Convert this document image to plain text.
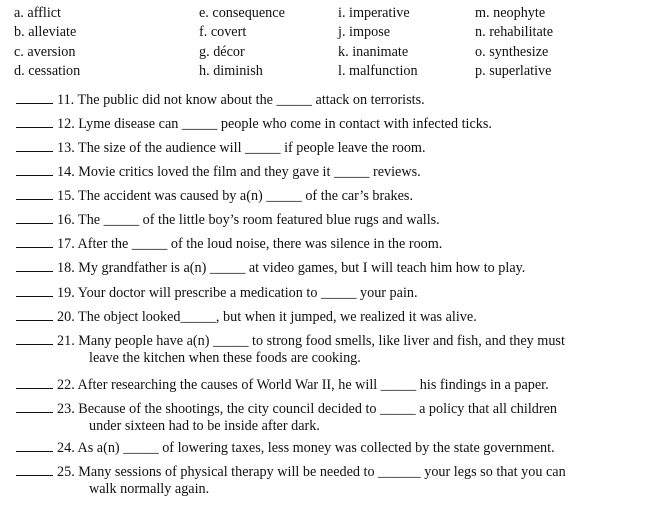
a. afflict
b. alleviate
c. aversion
d. cessation
e. consequence
f. covert
g. décor
h. diminish
i. imperative
j. impose
k. inanimate
l. malfunction
m. neophyte
n. rehabilitate
o. synthesize
p. superlative
11. The public did not know about the _____ attack on terrorists.
12. Lyme disease can _____ people who come in contact with infected ticks.
13. The size of the audience will _____ if people leave the room.
14. Movie critics loved the film and they gave it _____ reviews.
15. The accident was caused by a(n) _____ of the car’s brakes.
16. The _____ of the little boy’s room featured blue rugs and walls.
17. After the _____ of the loud noise, there was silence in the room.
18. My grandfather is a(n) _____ at video games, but I will teach him how to play.
19. Your doctor will prescribe a medication to _____ your pain.
20. The object looked_____, but when it jumped, we realized it was alive.
21. Many people have a(n) _____ to strong food smells, like liver and fish, and they must
leave the kitchen when these foods are cooking.
22. After researching the causes of World War II, he will _____ his findings in a paper.
23. Because of the shootings, the city council decided to _____ a policy that all children
under sixteen had to be inside after dark.
24. As a(n) _____ of lowering taxes, less money was collected by the state government.
25. Many sessions of physical therapy will be needed to ______ your legs so that you can
walk normally again.
